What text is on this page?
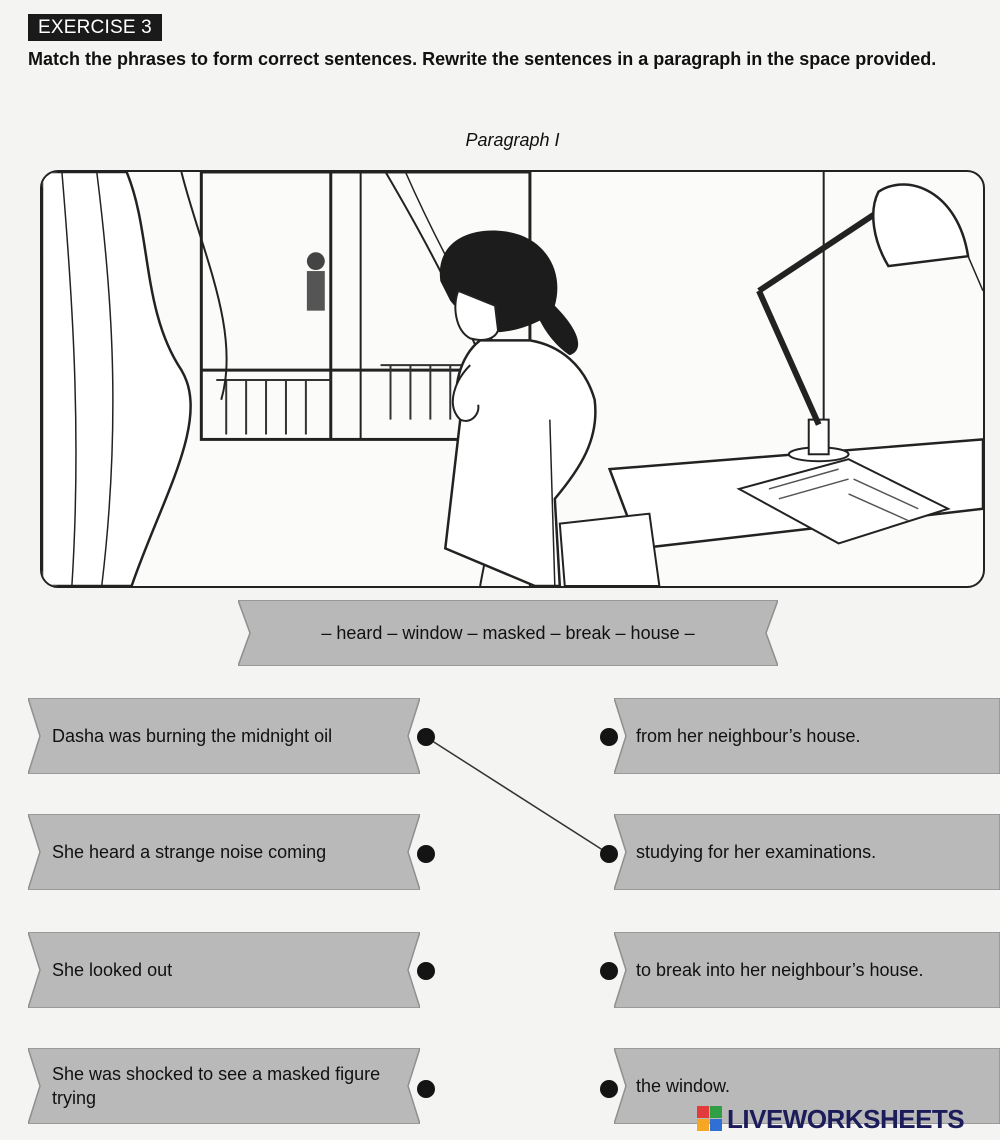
EXERCISE 3
Match the phrases to form correct sentences. Rewrite the sentences in a paragraph in the space provided.
Paragraph I
– heard – window – masked – break – house –
Dasha was burning the midnight oil
She heard a strange noise coming
She looked out
She was shocked to see a masked figure trying
from her neighbour’s house.
studying for her examinations.
to break into her neighbour’s house.
the window.
LIVEWORKSHEETS
